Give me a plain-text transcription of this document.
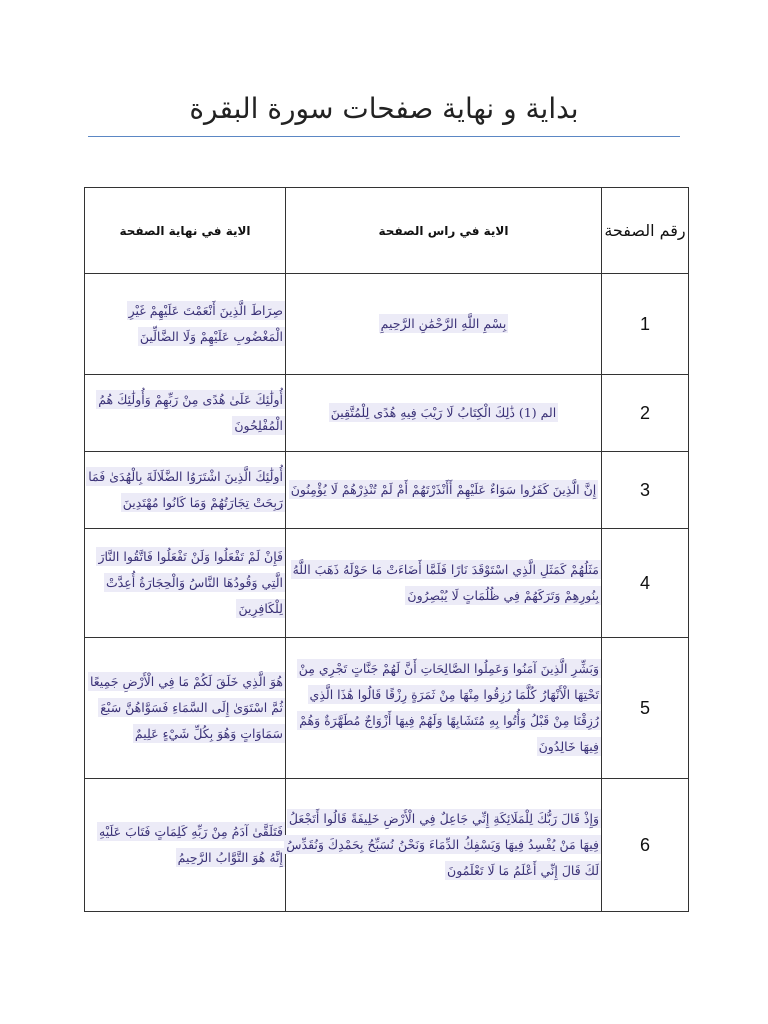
بداية و نهاية صفحات سورة البقرة
رقم الصفحة	الاية في راس الصفحة	الاية في نهاية الصفحة
1	بِسْمِ اللَّهِ الرَّحْمَٰنِ الرَّحِيمِ	صِرَاطَ الَّذِينَ أَنْعَمْتَ عَلَيْهِمْ غَيْرِ الْمَغْضُوبِ عَلَيْهِمْ وَلَا الضَّالِّينَ
2	الم (1) ذَٰلِكَ الْكِتَابُ لَا رَيْبَ فِيهِ هُدًى لِلْمُتَّقِينَ	أُولَٰئِكَ عَلَىٰ هُدًى مِنْ رَبِّهِمْ وَأُولَٰئِكَ هُمُ الْمُفْلِحُونَ
3	إِنَّ الَّذِينَ كَفَرُوا سَوَاءٌ عَلَيْهِمْ أَأَنْذَرْتَهُمْ أَمْ لَمْ تُنْذِرْهُمْ لَا يُؤْمِنُونَ	أُولَٰئِكَ الَّذِينَ اشْتَرَوُا الضَّلَالَةَ بِالْهُدَىٰ فَمَا رَبِحَتْ تِجَارَتُهُمْ وَمَا كَانُوا مُهْتَدِينَ
4	مَثَلُهُمْ كَمَثَلِ الَّذِي اسْتَوْقَدَ نَارًا فَلَمَّا أَضَاءَتْ مَا حَوْلَهُ ذَهَبَ اللَّهُ بِنُورِهِمْ وَتَرَكَهُمْ فِي ظُلُمَاتٍ لَا يُبْصِرُونَ	فَإِنْ لَمْ تَفْعَلُوا وَلَنْ تَفْعَلُوا فَاتَّقُوا النَّارَ الَّتِي وَقُودُهَا النَّاسُ وَالْحِجَارَةُ أُعِدَّتْ لِلْكَافِرِينَ
5	وَبَشِّرِ الَّذِينَ آمَنُوا وَعَمِلُوا الصَّالِحَاتِ أَنَّ لَهُمْ جَنَّاتٍ تَجْرِي مِنْ تَحْتِهَا الْأَنْهَارُ كُلَّمَا رُزِقُوا مِنْهَا مِنْ ثَمَرَةٍ رِزْقًا قَالُوا هَٰذَا الَّذِي رُزِقْنَا مِنْ قَبْلُ وَأُتُوا بِهِ مُتَشَابِهًا وَلَهُمْ فِيهَا أَزْوَاجٌ مُطَهَّرَةٌ وَهُمْ فِيهَا خَالِدُونَ	هُوَ الَّذِي خَلَقَ لَكُمْ مَا فِي الْأَرْضِ جَمِيعًا ثُمَّ اسْتَوَىٰ إِلَى السَّمَاءِ فَسَوَّاهُنَّ سَبْعَ سَمَاوَاتٍ وَهُوَ بِكُلِّ شَيْءٍ عَلِيمٌ
6	وَإِذْ قَالَ رَبُّكَ لِلْمَلَائِكَةِ إِنِّي جَاعِلٌ فِي الْأَرْضِ خَلِيفَةً قَالُوا أَتَجْعَلُ فِيهَا مَنْ يُفْسِدُ فِيهَا وَيَسْفِكُ الدِّمَاءَ وَنَحْنُ نُسَبِّحُ بِحَمْدِكَ وَنُقَدِّسُ لَكَ قَالَ إِنِّي أَعْلَمُ مَا لَا تَعْلَمُونَ	فَتَلَقَّىٰ آدَمُ مِنْ رَبِّهِ كَلِمَاتٍ فَتَابَ عَلَيْهِ إِنَّهُ هُوَ التَّوَّابُ الرَّحِيمُ
